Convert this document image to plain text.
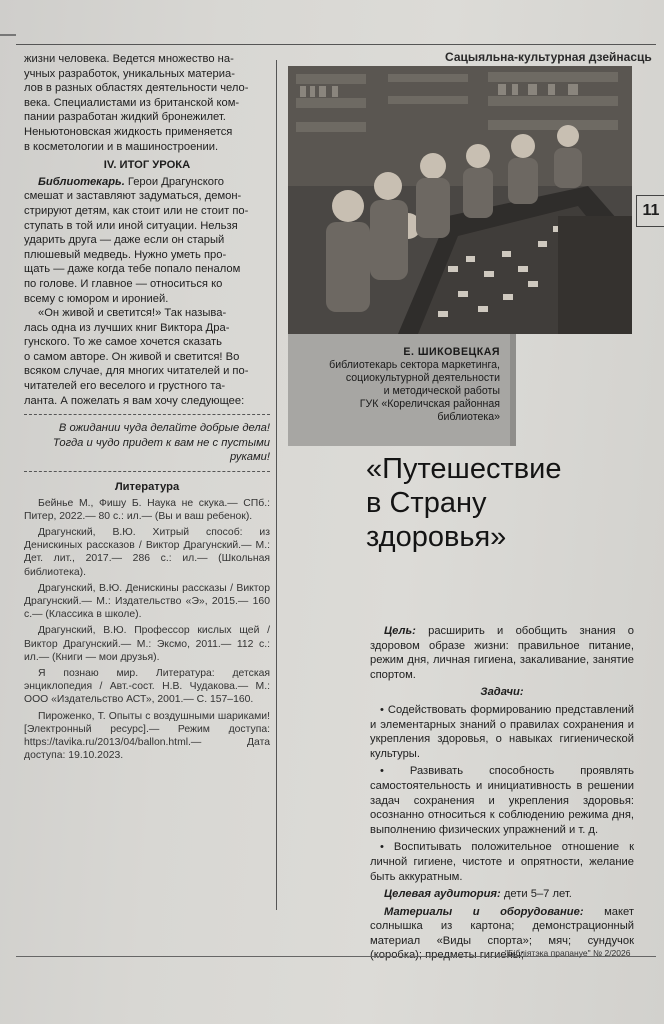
Сацыяльна-культурная дзейнасць
11

жизни человека. Ведется множество на-

учных разработок, уникальных материа-

лов в разных областях деятельности чело-

века. Специалистами из британской ком-

пании разработан жидкий бронежилет.

Неньютоновская жидкость применяется

в косметологии и в машиностроении.

IV. ИТОГ УРОКА

Библиотекарь. Герои Драгунского

смешат и заставляют задуматься, демон-

стрируют детям, как стоит или не стоит по-

ступать в той или иной ситуации. Нельзя

ударить друга — даже если он старый

плюшевый медведь. Нужно уметь про-

щать — даже когда тебе попало пеналом

по голове. И главное — относиться ко

всему с юмором и иронией.

«Он живой и светится!» Так называ-

лась одна из лучших книг Виктора Дра-

гунского. То же самое хочется сказать

о самом авторе. Он живой и светится! Во

всяком случае, для многих читателей и по-

читателей его веселого и грустного та-

ланта. А пожелать я вам хочу следующее:

В ожидании чуда делайте добрые дела!

Тогда и чудо придет к вам не с пустыми

руками!

Литература

Бейнье М., Фишу Б. Наука не скука.— СПб.: Питер, 2022.— 80 с.: ил.— (Вы и ваш ребенок).

Драгунский, В.Ю. Хитрый способ: из Денискиных рассказов / Виктор Драгунский.— М.: Дет. лит., 2017.— 286 с.: ил.— (Школьная библиотека).

Драгунский, В.Ю. Денискины рассказы / Виктор Драгунский.— М.: Издательство «Э», 2015.— 160 с.— (Классика в школе).

Драгунский, В.Ю. Профессор кислых щей / Виктор Драгунский.— М.: Эксмо, 2011.— 112 с.: ил.— (Книги — мои друзья).

Я познаю мир. Литература: детская энциклопедия / Авт.-сост. Н.В. Чудакова.— М.: ООО «Издательство АСТ», 2001.— С. 157–160.

Пироженко, Т. Опыты с воздушными шариками! [Электронный ресурс].— Режим доступа: https://tavika.ru/2013/04/ballon.html.— Дата доступа: 19.10.2023.

Е. ШИКОВЕЦКАЯ
библиотекарь сектора маркетинга,
социокультурной деятельности
и методической работы
ГУК «Кореличская районная
библиотека»
«Путешествие
в Страну
здоровья»

Цель: расширить и обобщить знания о здоровом образе жизни: правильное питание, режим дня, личная гигиена, закаливание, занятие спортом.

Задачи:

• Содействовать формированию представлений и элементарных знаний о правилах сохранения и укрепления здоровья, о навыках гигиенической культуры.

• Развивать способность проявлять самостоятельность и инициативность в решении задач сохранения и укрепления здоровья: осознанно относиться к соблюдению режима дня, выполнению физических упражнений и т. д.

• Воспитывать положительное отношение к личной гигиене, чистоте и опрятности, желание быть аккуратным.

Целевая аудитория: дети 5–7 лет.

Материалы и оборудование: макет солнышка из картона; демонстрационный материал «Виды спорта»; мяч; сундучок

"Бібліятэка прапануе" № 2/2026
